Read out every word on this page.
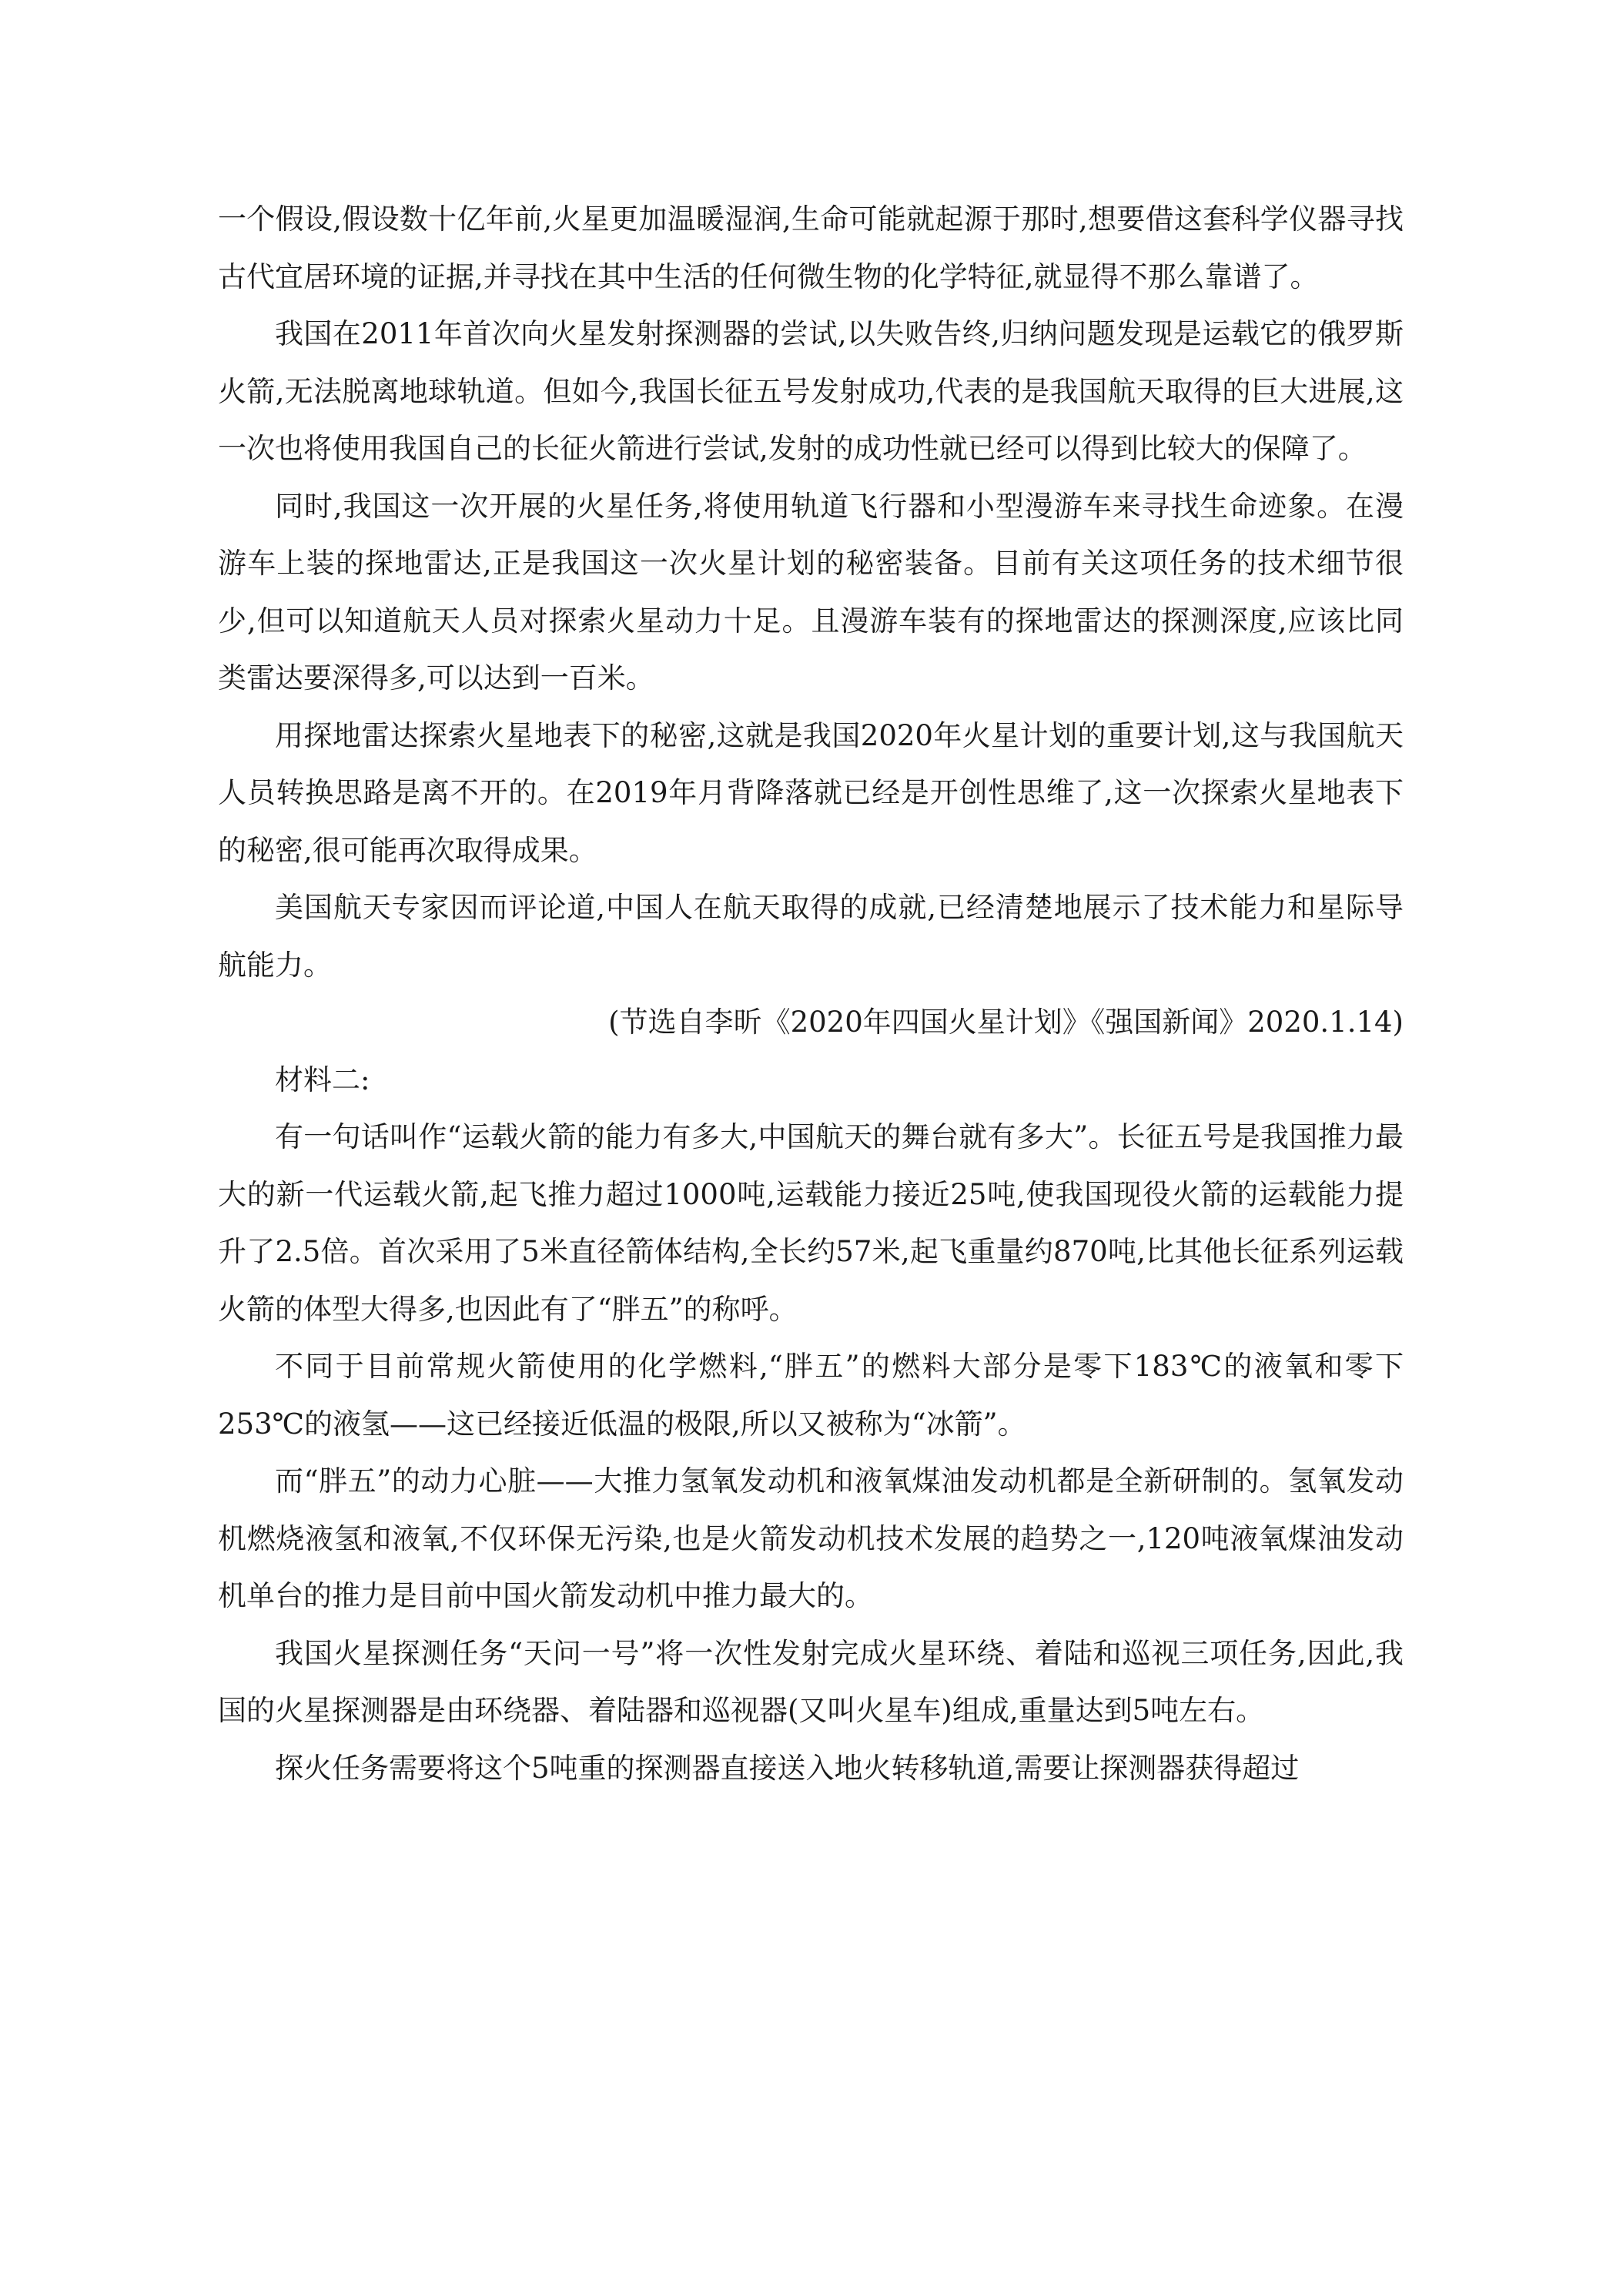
一个假设,假设数十亿年前,火星更加温暖湿润,生命可能就起源于那时,想要借这套科学仪器寻找古代宜居环境的证据,并寻找在其中生活的任何微生物的化学特征,就显得不那么靠谱了。

我国在2011年首次向火星发射探测器的尝试,以失败告终,归纳问题发现是运载它的俄罗斯火箭,无法脱离地球轨道。但如今,我国长征五号发射成功,代表的是我国航天取得的巨大进展,这一次也将使用我国自己的长征火箭进行尝试,发射的成功性就已经可以得到比较大的保障了。

同时,我国这一次开展的火星任务,将使用轨道飞行器和小型漫游车来寻找生命迹象。在漫游车上装的探地雷达,正是我国这一次火星计划的秘密装备。目前有关这项任务的技术细节很少,但可以知道航天人员对探索火星动力十足。且漫游车装有的探地雷达的探测深度,应该比同类雷达要深得多,可以达到一百米。

用探地雷达探索火星地表下的秘密,这就是我国2020年火星计划的重要计划,这与我国航天人员转换思路是离不开的。在2019年月背降落就已经是开创性思维了,这一次探索火星地表下的秘密,很可能再次取得成果。

美国航天专家因而评论道,中国人在航天取得的成就,已经清楚地展示了技术能力和星际导航能力。

(节选自李昕《2020年四国火星计划》《强国新闻》2020.1.14)

材料二:

有一句话叫作“运载火箭的能力有多大,中国航天的舞台就有多大”。长征五号是我国推力最大的新一代运载火箭,起飞推力超过1000吨,运载能力接近25吨,使我国现役火箭的运载能力提升了2.5倍。首次采用了5米直径箭体结构,全长约57米,起飞重量约870吨,比其他长征系列运载火箭的体型大得多,也因此有了“胖五”的称呼。

不同于目前常规火箭使用的化学燃料,“胖五”的燃料大部分是零下183℃的液氧和零下253℃的液氢——这已经接近低温的极限,所以又被称为“冰箭”。

而“胖五”的动力心脏——大推力氢氧发动机和液氧煤油发动机都是全新研制的。氢氧发动机燃烧液氢和液氧,不仅环保无污染,也是火箭发动机技术发展的趋势之一,120吨液氧煤油发动机单台的推力是目前中国火箭发动机中推力最大的。

我国火星探测任务“天问一号”将一次性发射完成火星环绕、着陆和巡视三项任务,因此,我国的火星探测器是由环绕器、着陆器和巡视器(又叫火星车)组成,重量达到5吨左右。

探火任务需要将这个5吨重的探测器直接送入地火转移轨道,需要让探测器获得超过
